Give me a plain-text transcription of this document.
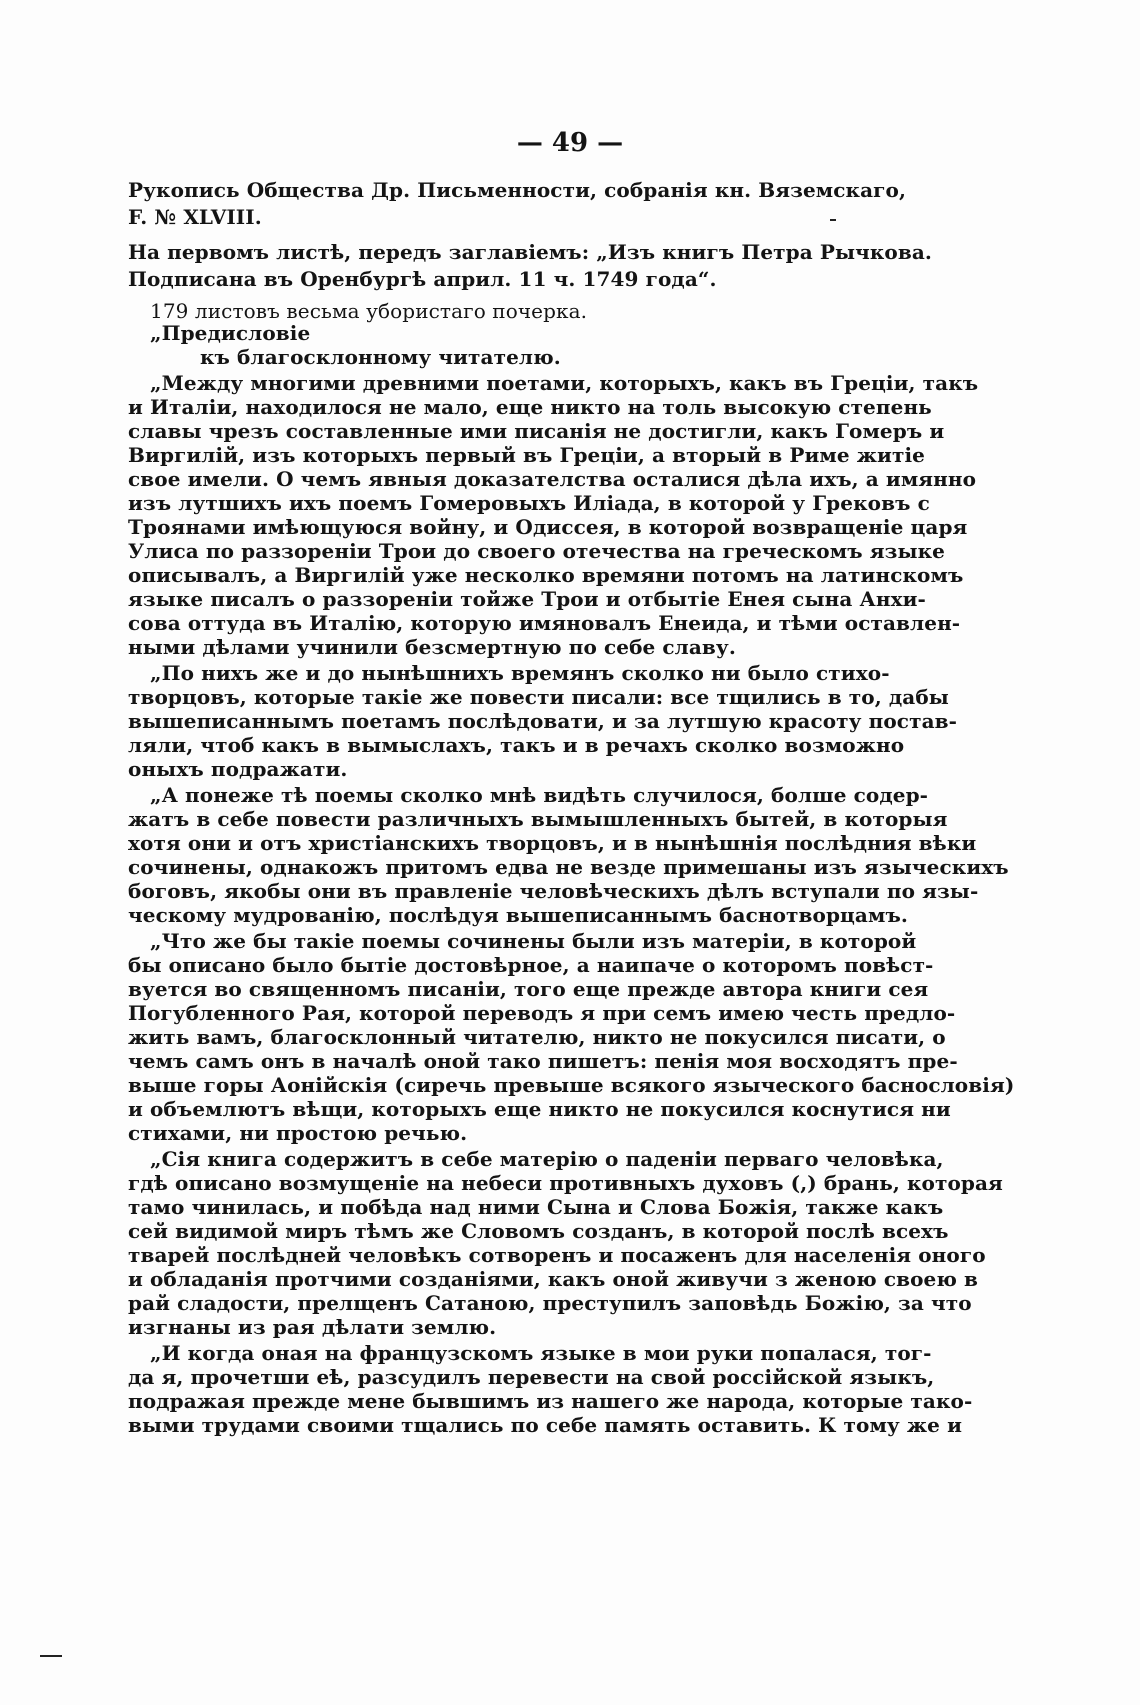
— 49 —

Рукопись Общества Др. Письменности, собранія кн. Вяземскаго,

F. № XLVIII.

На первомъ листѣ, передъ заглавіемъ: „Изъ книгъ Петра Рычкова.

Подписана въ Оренбургѣ април. 11 ч. 1749 года“.

179 листовъ весьма убористаго почерка.

„Предисловіе

къ благосклонному читателю.

„Между многими древними поетами, которыхъ, какъ въ Греціи, такъ

и Италіи, находилося не мало, еще никто на толь высокую степень

славы чрезъ составленные ими писанія не достигли, какъ Гомеръ и

Виргилій, изъ которыхъ первый въ Греціи, а вторый в Риме житіе

свое имели. О чемъ явныя доказателства осталися дѣла ихъ, а имянно

изъ лутшихъ ихъ поемъ Гомеровыхъ Иліада, в которой у Грековъ с

Троянами имѣющуюся войну, и Одиссея, в которой возвращеніе царя

Улиса по раззореніи Трои до своего отечества на греческомъ языке

описывалъ, а Виргилій уже несколко времяни потомъ на латинскомъ

языке писалъ о раззореніи тойже Трои и отбытіе Енея сына Анхи-

сова оттуда въ Италію, которую имяновалъ Енеида, и тѣми оставлен-

ными дѣлами учинили безсмертную по себе славу.

„По нихъ же и до нынѣшнихъ времянъ сколко ни было стихо-

творцовъ, которые такіе же повести писали: все тщились в то, дабы

вышеписаннымъ поетамъ послѣдовати, и за лутшую красоту постав-

ляли, чтоб какъ в вымыслахъ, такъ и в речахъ сколко возможно

оныхъ подражати.

„А понеже тѣ поемы сколко мнѣ видѣть случилося, болше содер-

жатъ в себе повести различныхъ вымышленныхъ бытей, в которыя

хотя они и отъ христіанскихъ творцовъ, и в нынѣшнія послѣдния вѣки

сочинены, однакожъ притомъ едва не везде примешаны изъ языческихъ

боговъ, якобы они въ правленіе человѣческихъ дѣлъ вступали по язы-

ческому мудрованію, послѣдуя вышеписаннымъ баснотворцамъ.

„Что же бы такіе поемы сочинены были изъ матеріи, в которой

бы описано было бытіе достовѣрное, а наипаче о которомъ повѣст-

вуется во священномъ писаніи, того еще прежде автора книги сея

Погубленного Рая, которой переводъ я при семъ имею честь предло-

жить вамъ, благосклонный читателю, никто не покусился писати, о

чемъ самъ онъ в началѣ оной тако пишетъ: пенія моя восходятъ пре-

выше горы Аонійскія (сиречь превыше всякого языческого баснословія)

и объемлютъ вѣщи, которыхъ еще никто не покусился коснутися ни

стихами, ни простою речью.

„Сія книга содержитъ в себе матерію о паденіи перваго человѣка,

гдѣ описано возмущеніе на небеси противныхъ духовъ (,) брань, которая

тамо чинилась, и побѣда над ними Сына и Слова Божія, также какъ

сей видимой миръ тѣмъ же Словомъ созданъ, в которой послѣ всехъ

тварей послѣдней человѣкъ сотворенъ и посаженъ для населенія оного

и обладанія протчими созданіями, какъ оной живучи з женою своею в

рай сладости, прелщенъ Сатаною, преступилъ заповѣдь Божію, за что

изгнаны из рая дѣлати землю.

„И когда оная на французскомъ языке в мои руки попалася, тог-

да я, прочетши еѣ, разсудилъ перевести на свой россійской языкъ,

подражая прежде мене бывшимъ из нашего же народа, которые тако-

выми трудами своими тщались по себе память оставить. К тому же и
